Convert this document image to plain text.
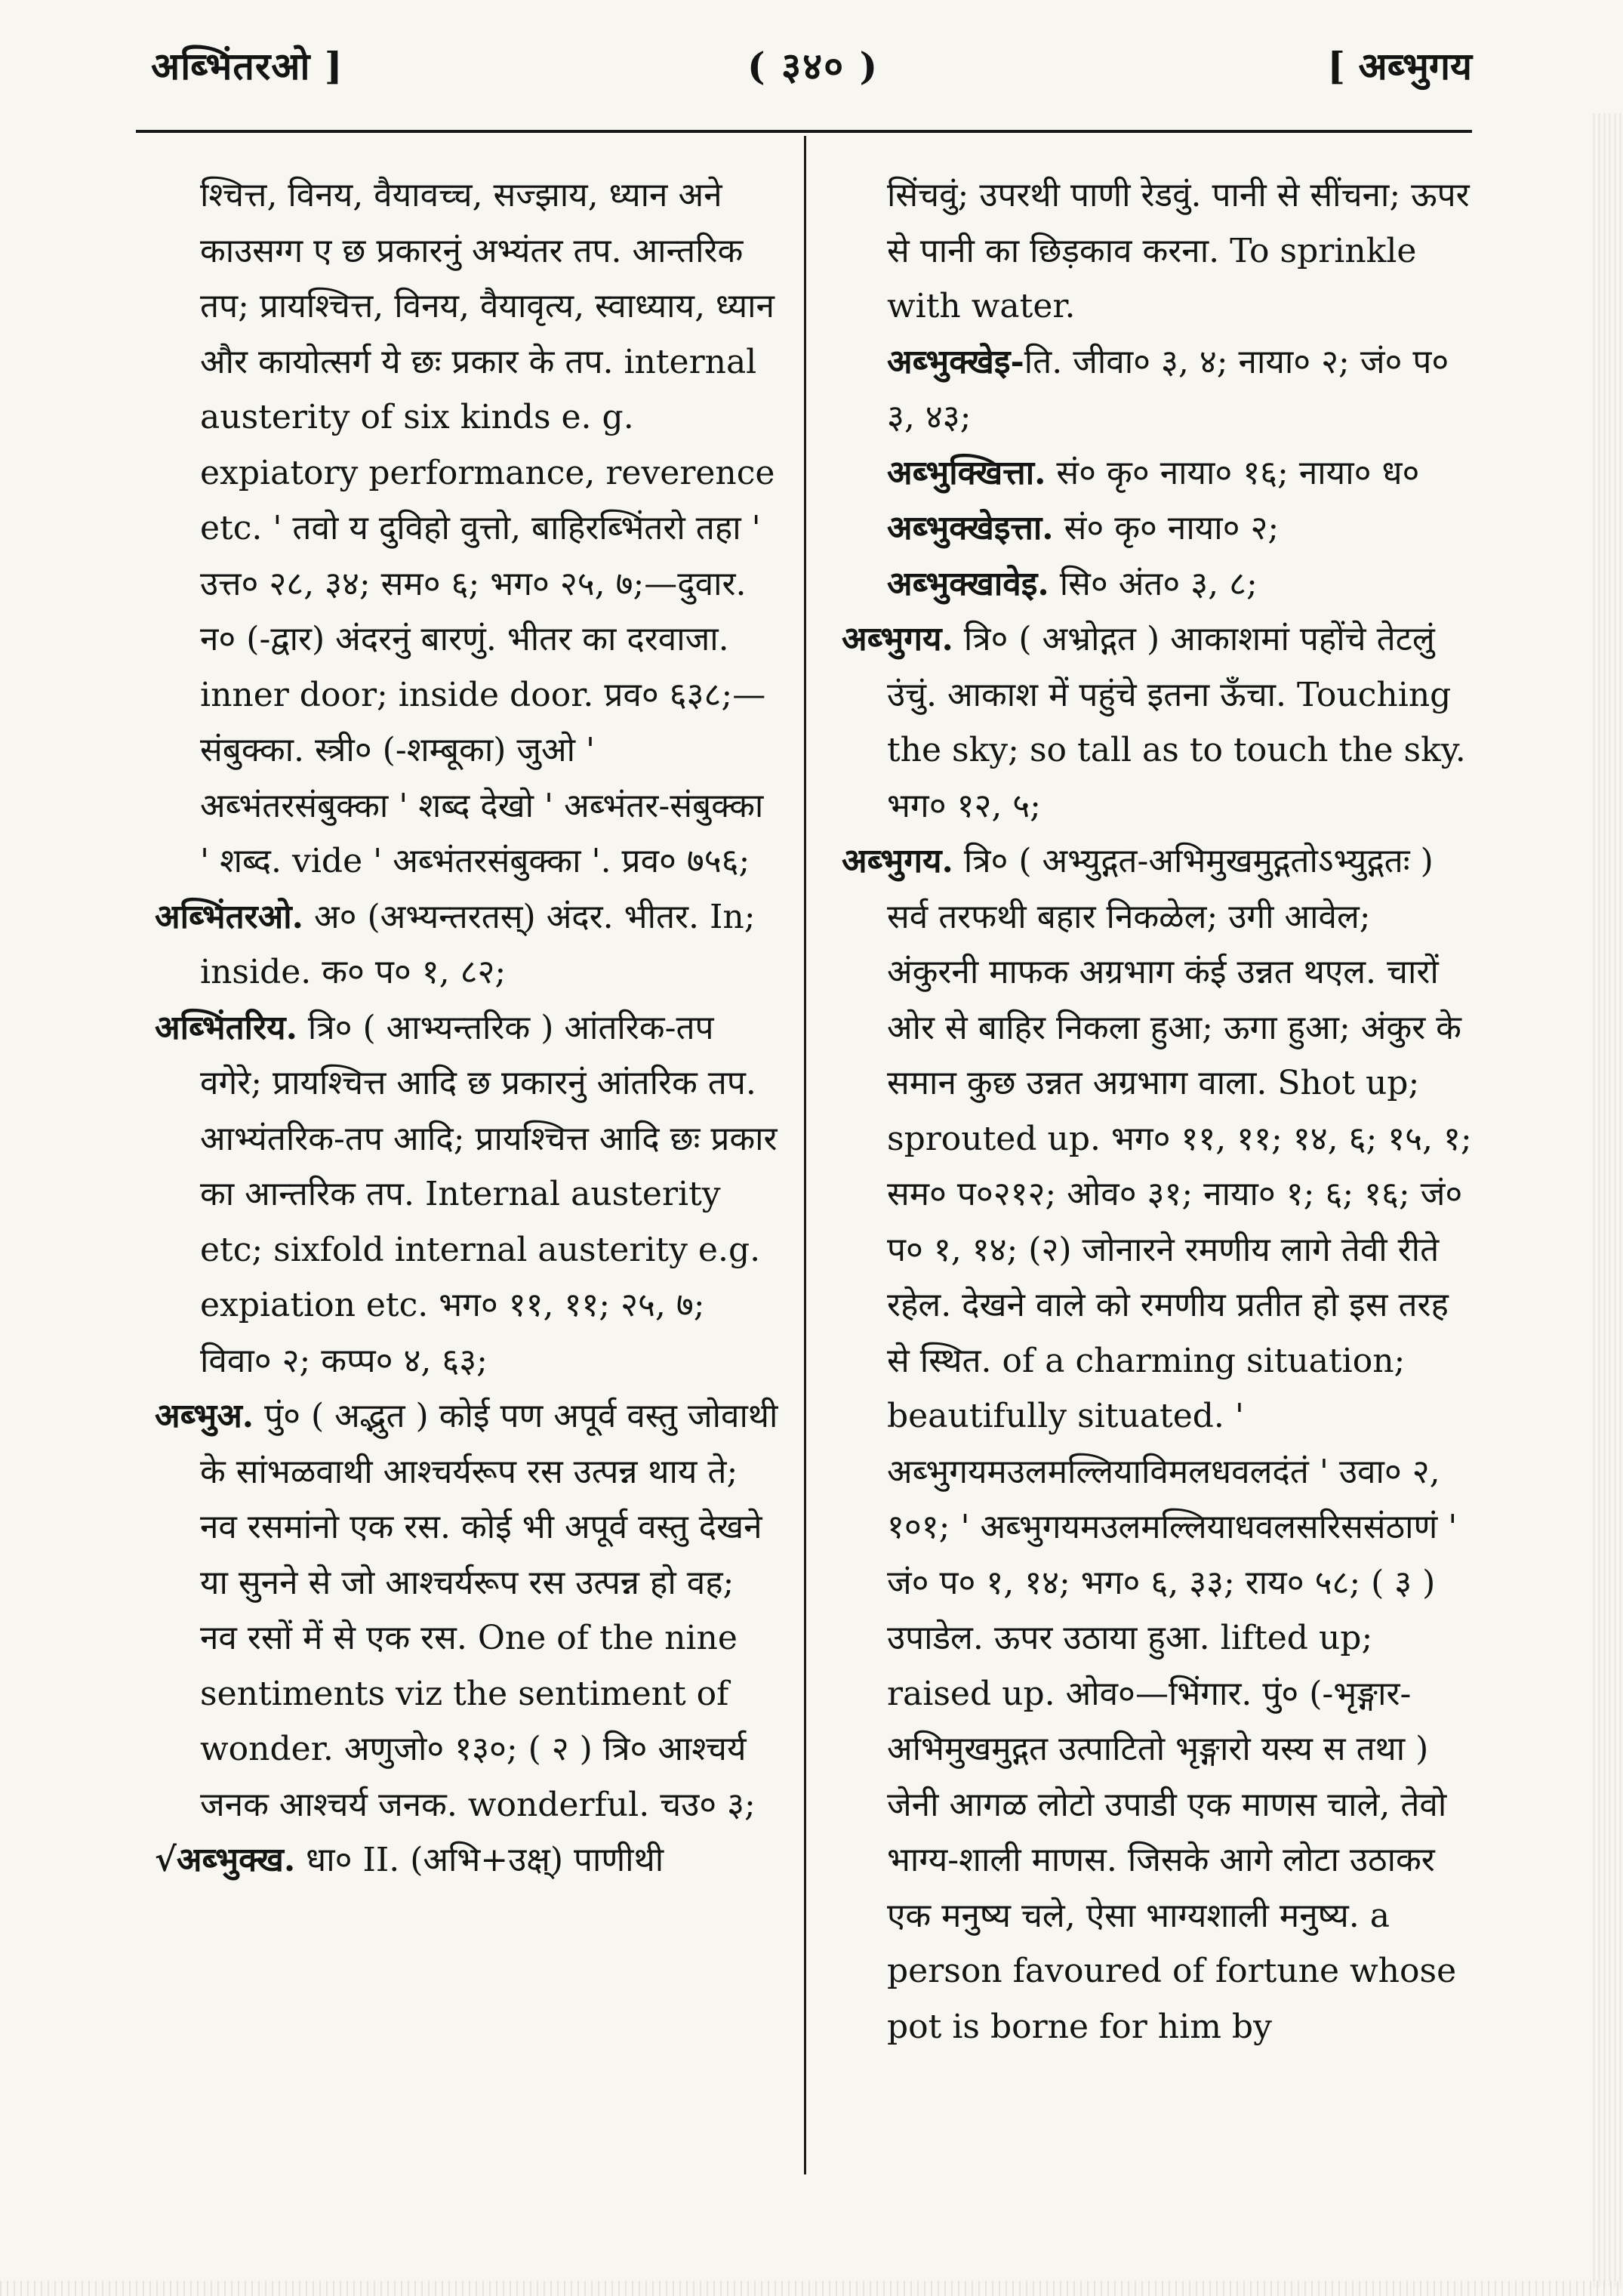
अब्भिंतरओ ]	( ३४० )	[ अब्भुगय

श्चित्त, विनय, वैयावच्च, सज्झाय, ध्यान अने काउसग्ग ए छ प्रकारनुं अभ्यंतर तप. आन्तरिक तप; प्रायश्चित्त, विनय, वैयावृत्य, स्वाध्याय, ध्यान और कायोत्सर्ग ये छः प्रकार के तप. internal austerity of six kinds e. g. expiatory performance, reverence etc. ' तवो य दुविहो वुत्तो, बाहिरब्भिंतरो तहा ' उत्त० २८, ३४; सम० ६; भग० २५, ७;—दुवार. न० (-द्वार) अंदरनुं बारणुं. भीतर का दरवाजा. inner door; inside door. प्रव० ६३८;—संबुक्का. स्त्री० (-शम्बूका) जुओ ' अब्भंतरसंबुक्का ' शब्द देखो ' अब्भंतर-संबुक्का ' शब्द. vide ' अब्भंतरसंबुक्का '. प्रव० ७५६;

अब्भिंतरओ. अ० (अभ्यन्तरतस्) अंदर. भीतर. In; inside. क० प० १, ८२;

अब्भिंतरिय. त्रि० ( आभ्यन्तरिक ) आंतरिक-तप वगेरे; प्रायश्चित्त आदि छ प्रकारनुं आंतरिक तप. आभ्यंतरिक-तप आदि; प्रायश्चित्त आदि छः प्रकार का आन्तरिक तप. Internal austerity etc; sixfold internal austerity e.g. expiation etc. भग० ११, ११; २५, ७; विवा० २; कप्प० ४, ६३;

अब्भुअ. पुं० ( अद्भुत ) कोई पण अपूर्व वस्तु जोवाथी के सांभळवाथी आश्चर्यरूप रस उत्पन्न थाय ते; नव रसमांनो एक रस. कोई भी अपूर्व वस्तु देखने या सुनने से जो आश्चर्यरूप रस उत्पन्न हो वह; नव रसों में से एक रस. One of the nine sentiments viz the sentiment of wonder. अणुजो० १३०; ( २ ) त्रि० आश्चर्य जनक आश्चर्य जनक. wonderful. चउ० ३;

√अब्भुक्ख. धा० II. (अभि+उक्ष्) पाणीथी

सिंचवुं; उपरथी पाणी रेडवुं. पानी से सींचना; ऊपर से पानी का छिड़काव करना. To sprinkle with water.

अब्भुक्खेइ-ति. जीवा० ३, ४; नाया० २; जं० प० ३, ४३;

अब्भुक्खित्ता. सं० कृ० नाया० १६; नाया० ध०

अब्भुक्खेइत्ता. सं० कृ० नाया० २;

अब्भुक्खावेइ. सि० अंत० ३, ८;

अब्भुगय. त्रि० ( अभ्रोद्गत ) आकाशमां पहोंचे तेटलुं उंचुं. आकाश में पहुंचे इतना ऊँचा. Touching the sky; so tall as to touch the sky. भग० १२, ५;

अब्भुगय. त्रि० ( अभ्युद्गत-अभिमुखमुद्गतोऽभ्युद्गतः ) सर्व तरफथी बहार निकळेल; उगी आवेल; अंकुरनी माफक अग्रभाग कंई उन्नत थएल. चारों ओर से बाहिर निकला हुआ; ऊगा हुआ; अंकुर के समान कुछ उन्नत अग्रभाग वाला. Shot up; sprouted up. भग० ११, ११; १४, ६; १५, १; सम० प०२१२; ओव० ३१; नाया० १; ६; १६; जं० प० १, १४; (२) जोनारने रमणीय लागे तेवी रीते रहेल. देखने वाले को रमणीय प्रतीत हो इस तरह से स्थित. of a charming situation; beautifully situated. ' अब्भुगयमउलमल्लियाविमलधवलदंतं ' उवा० २, १०१; ' अब्भुगयमउलमल्लियाधवलसरिससंठाणं ' जं० प० १, १४; भग० ६, ३३; राय० ५८; ( ३ ) उपाडेल. ऊपर उठाया हुआ. lifted up; raised up. ओव०—भिंगार. पुं० (-भृङ्गार-अभिमुखमुद्गत उत्पाटितो भृङ्गारो यस्य स तथा ) जेनी आगळ लोटो उपाडी एक माणस चाले, तेवो भाग्य-शाली माणस. जिसके आगे लोटा उठाकर एक मनुष्य चले, ऐसा भाग्यशाली मनुष्य. a person favoured of fortune whose pot is borne for him by
